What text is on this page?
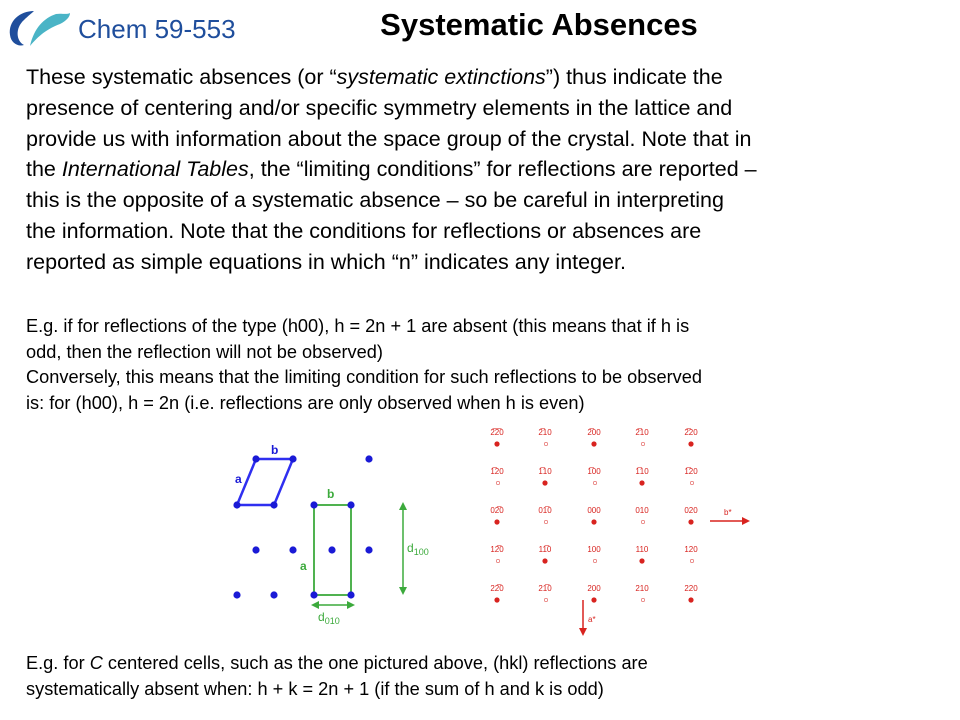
Chem 59-553	Systematic Absences

These systematic absences (or “systematic extinctions”) thus indicate the

presence of centering and/or specific symmetry elements in the lattice and

provide us with information about the space group of the crystal. Note that in

the International Tables, the “limiting conditions” for reflections are reported –

this is the opposite of a systematic absence – so be careful in interpreting

the information. Note that the conditions for reflections or absences are

reported as simple equations in which “n” indicates any integer.

E.g. if for reflections of the type (h00), h = 2n + 1 are absent (this means that if h is

odd, then the reflection will not be observed)

Conversely, this means that the limiting condition for such reflections to be observed

is: for (h00), h = 2n (i.e. reflections are only observed when h is even)

a
b
b
a
$d_{100}$
$d_{010}$
2̅2̅0	2̅10	2̅00	2̅10	2̅20
1̅20	1̅10	1̅00	1̅10	1̅20
02̅0	01̅0	000	010	020
12̅0	11̅0	100	110	120
22̅0	21̅0	200	210	220
b*
a*

E.g. for C centered cells, such as the one pictured above, (hkl) reflections are

systematically absent when: h + k = 2n + 1 (if the sum of h and k is odd)
